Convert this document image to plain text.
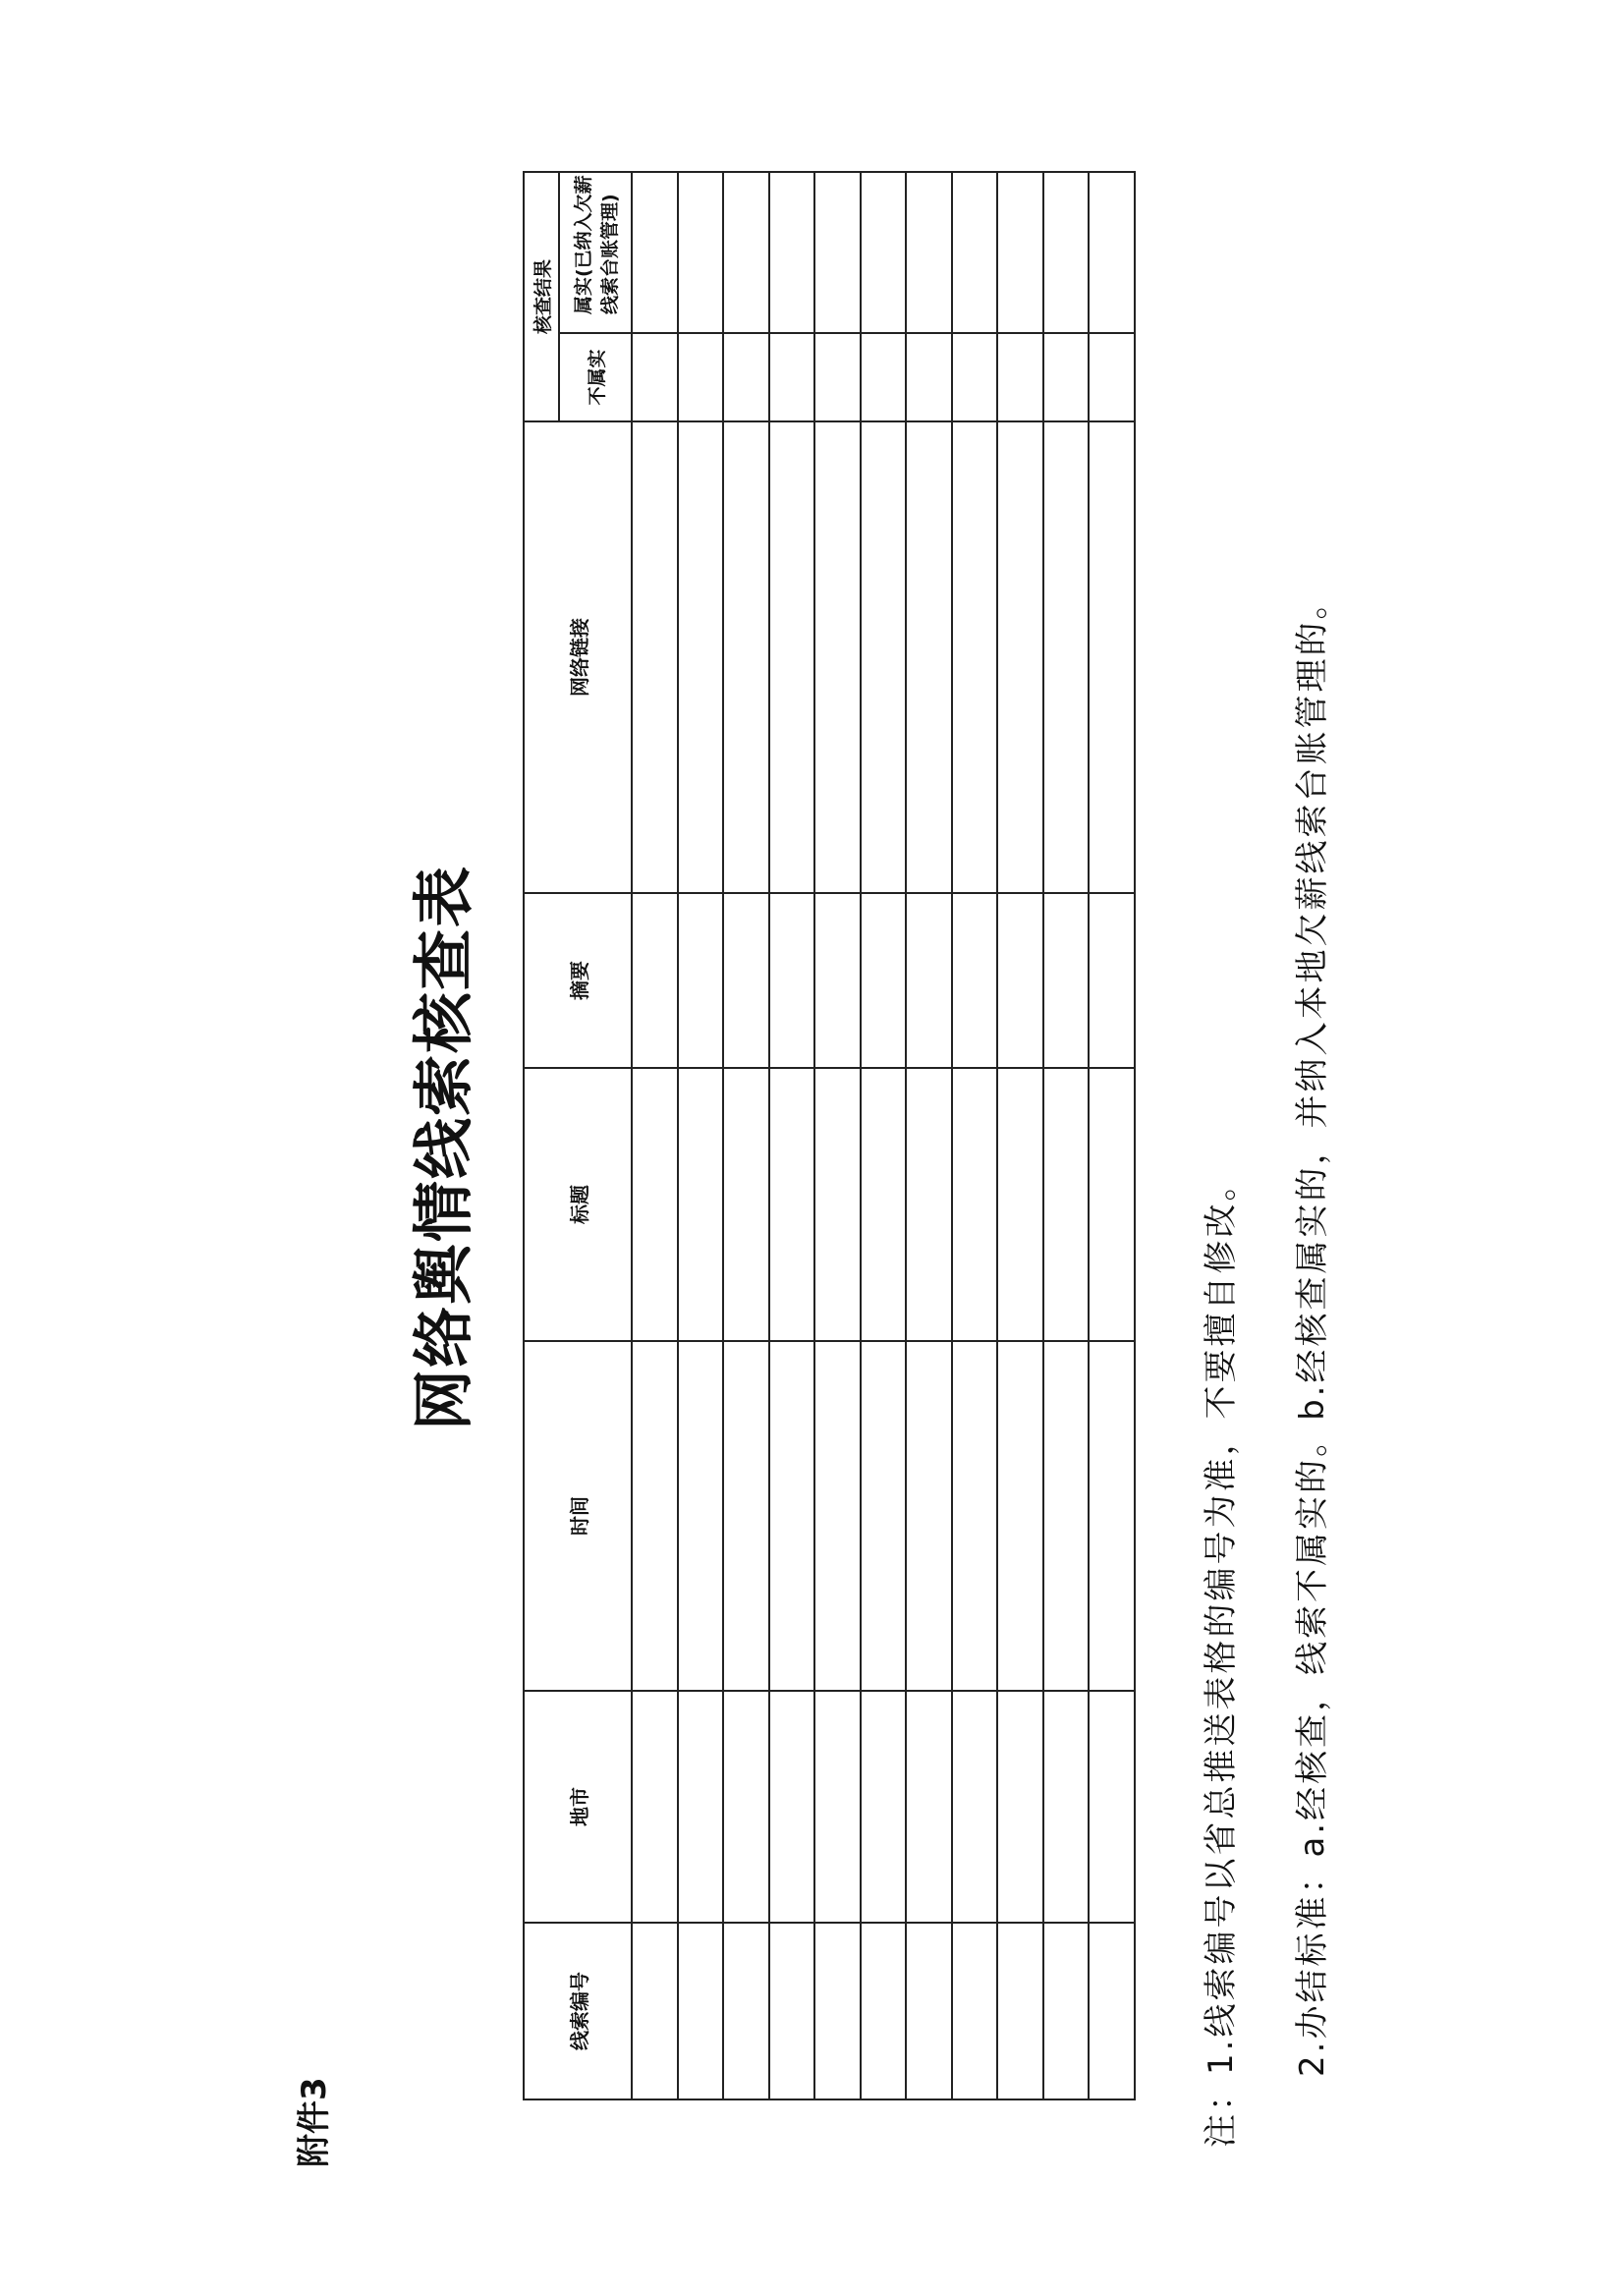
附件3
网络舆情线索核查表
线索编号	地市	时间	标题	摘要	网络链接	核查结果	
						不属实	属实(已纳入欠薪线索台账管理)

注：1.线索编号以省总推送表格的编号为准，不要擅自修改。 2.办结标准：a.经核查，线索不属实的。b.经核查属实的，并纳入本地欠薪线索台账管理的。
